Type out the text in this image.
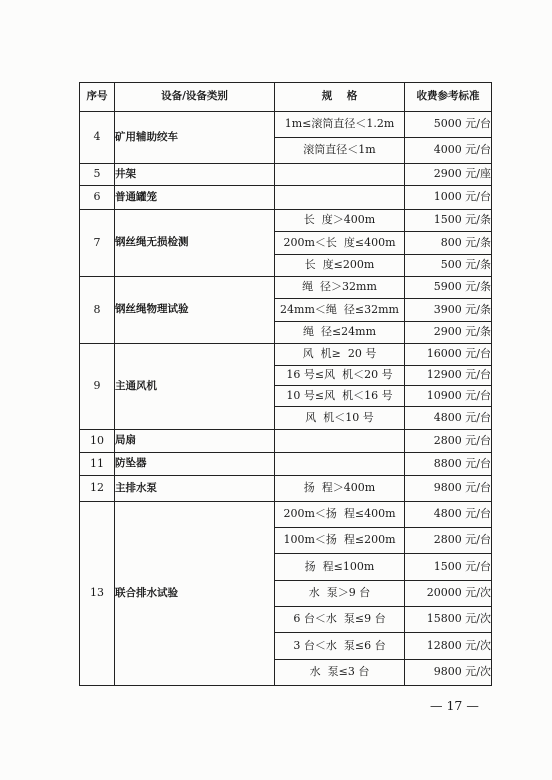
序号	设备/设备类别	规    格	收费参考标准
4	矿用辅助绞车	1m≤滚筒直径＜1.2m	5000 元/台
		滚筒直径＜1m	4000 元/台
5	井架		2900 元/座
6	普通罐笼		1000 元/台
7	钢丝绳无损检测	长  度＞400m	1500 元/条
		200m＜长  度≤400m	800 元/条
		长  度≤200m	500 元/条
8	钢丝绳物理试验	绳  径＞32mm	5900 元/条
		24mm＜绳  径≤32mm	3900 元/条
		绳  径≤24mm	2900 元/条
9	主通风机	风  机≥  20 号	16000 元/台
		16 号≤风  机＜20 号	12900 元/台
		10 号≤风  机＜16 号	10900 元/台
		风  机＜10 号	4800 元/台
10	局扇		2800 元/台
11	防坠器		8800 元/台
12	主排水泵	扬  程＞400m	9800 元/台
13	联合排水试验	200m＜扬  程≤400m	4800 元/台
		100m＜扬  程≤200m	2800 元/台
		扬  程≤100m	1500 元/台
		水  泵＞9 台	20000 元/次
		6 台＜水  泵≤9 台	15800 元/次
		3 台＜水  泵≤6 台	12800 元/次
		水  泵≤3 台	9800 元/次
— 17 —
